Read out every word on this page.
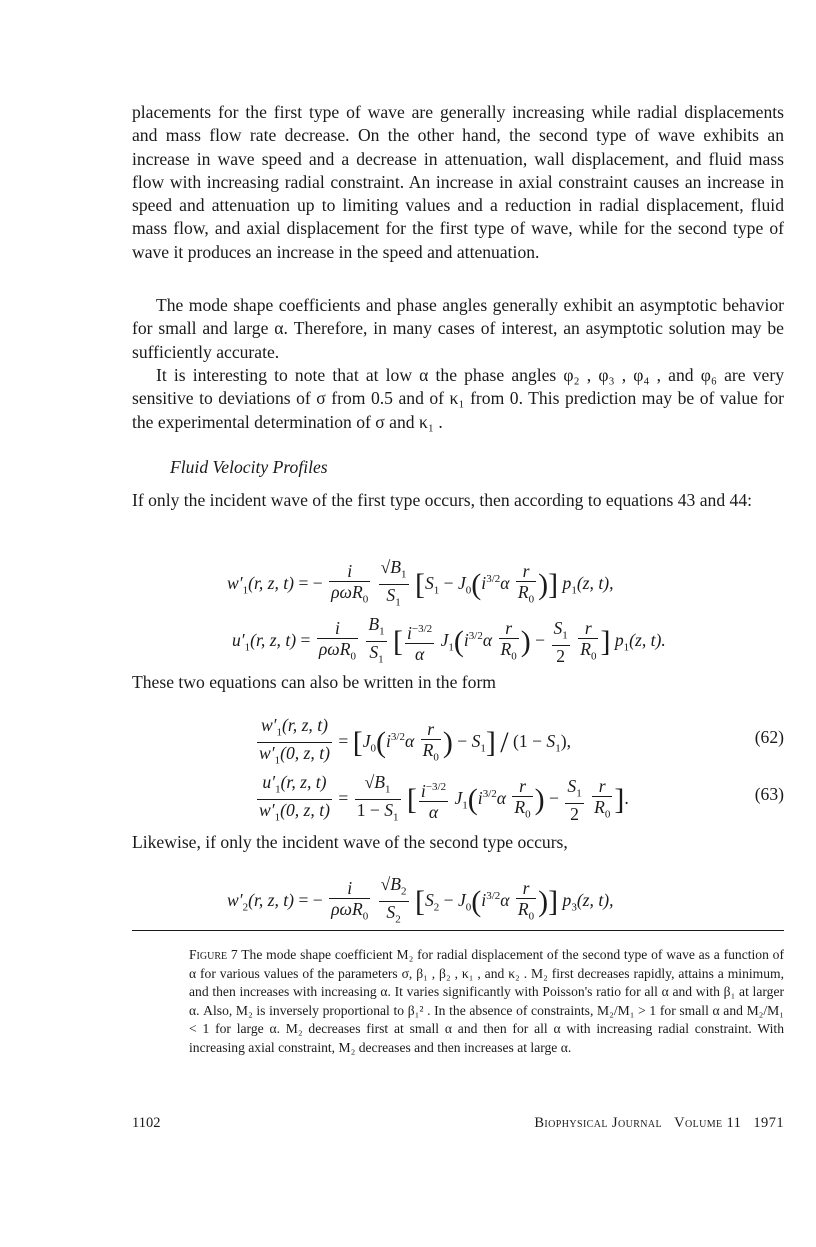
placements for the first type of wave are generally increasing while radial displacements and mass flow rate decrease. On the other hand, the second type of wave exhibits an increase in wave speed and a decrease in attenuation, wall displacement, and fluid mass flow with increasing radial constraint. An increase in axial constraint causes an increase in speed and attenuation up to limiting values and a reduction in radial displacement, fluid mass flow, and axial displacement for the first type of wave, while for the second type of wave it produces an increase in the speed and attenuation.

The mode shape coefficients and phase angles generally exhibit an asymptotic behavior for small and large α. Therefore, in many cases of interest, an asymptotic solution may be sufficiently accurate.

It is interesting to note that at low α the phase angles φ₂ , φ₃ , φ₄ , and φ₆ are very sensitive to deviations of σ from 0.5 and of κ₁ from 0. This prediction may be of value for the experimental determination of σ and κ₁ .

Fluid Velocity Profiles

If only the incident wave of the first type occurs, then according to equations 43 and 44:

$w'_1(r$, z, t) = − $\frac{i}{\rho\omega R_0}$
$\frac{√B_1}{S_1} [S_1 - J_0(i^{3/2}\alpha \frac{r}{R_0}$ )] $p_1(z$, t),
$u'_1(r$, z, $t) = \frac{i}{\rho\omega R_0}$
$\frac{B_1}{S_1}$ [ $\frac{i^{-3/2}}{\alpha} J_1(i^{3/2}\alpha \frac{r}{R_0}$ ) − $\frac{S_1}{2}$
$\frac{r}{R_0}$ ] $p_1(z$, t).

These two equations can also be written in the form

$\frac{w'_1(r, z, t)}{w'_1(0, z, t)} = [J_0(i^{3/2}\alpha \frac{r}{R_0}$ ) − $S_1] / (1 - S_1)$,	(62)
$\frac{u'_1(r, z, t)}{w'_1(0, z, t)} = \frac{√B_1}{1 - S_1}$ [ $\frac{i^{-3/2}}{\alpha} J_1(i^{3/2}\alpha \frac{r}{R_0}$ ) − $\frac{S_1}{2}$
$\frac{r}{R_0}$ ].	(63)

Likewise, if only the incident wave of the second type occurs,

$w'_2(r$, z, t) = − $\frac{i}{\rho\omega R_0}$
$\frac{√B_2}{S_2} [S_2 - J_0(i^{3/2}\alpha \frac{r}{R_0}$ )] $p_3(z$, t),

Figure 7 The mode shape coefficient M₂ for radial displacement of the second type of wave as a function of α for various values of the parameters σ, β₁ , β₂ , κ₁ , and κ₂ . M₂ first decreases rapidly, attains a minimum, and then increases with increasing α. It varies significantly with Poisson's ratio for all α and with β₁ at larger α. Also, M₂ is inversely proportional to β₁² . In the absence of constraints, M₂/M₁ > 1 for small α and M₂/M₁ < 1 for large α. M₂ decreases first at small α and then for all α with increasing radial constraint. With increasing axial constraint, M₂ decreases and then increases at large α.

1102	Biophysical Journal Volume 11 1971
